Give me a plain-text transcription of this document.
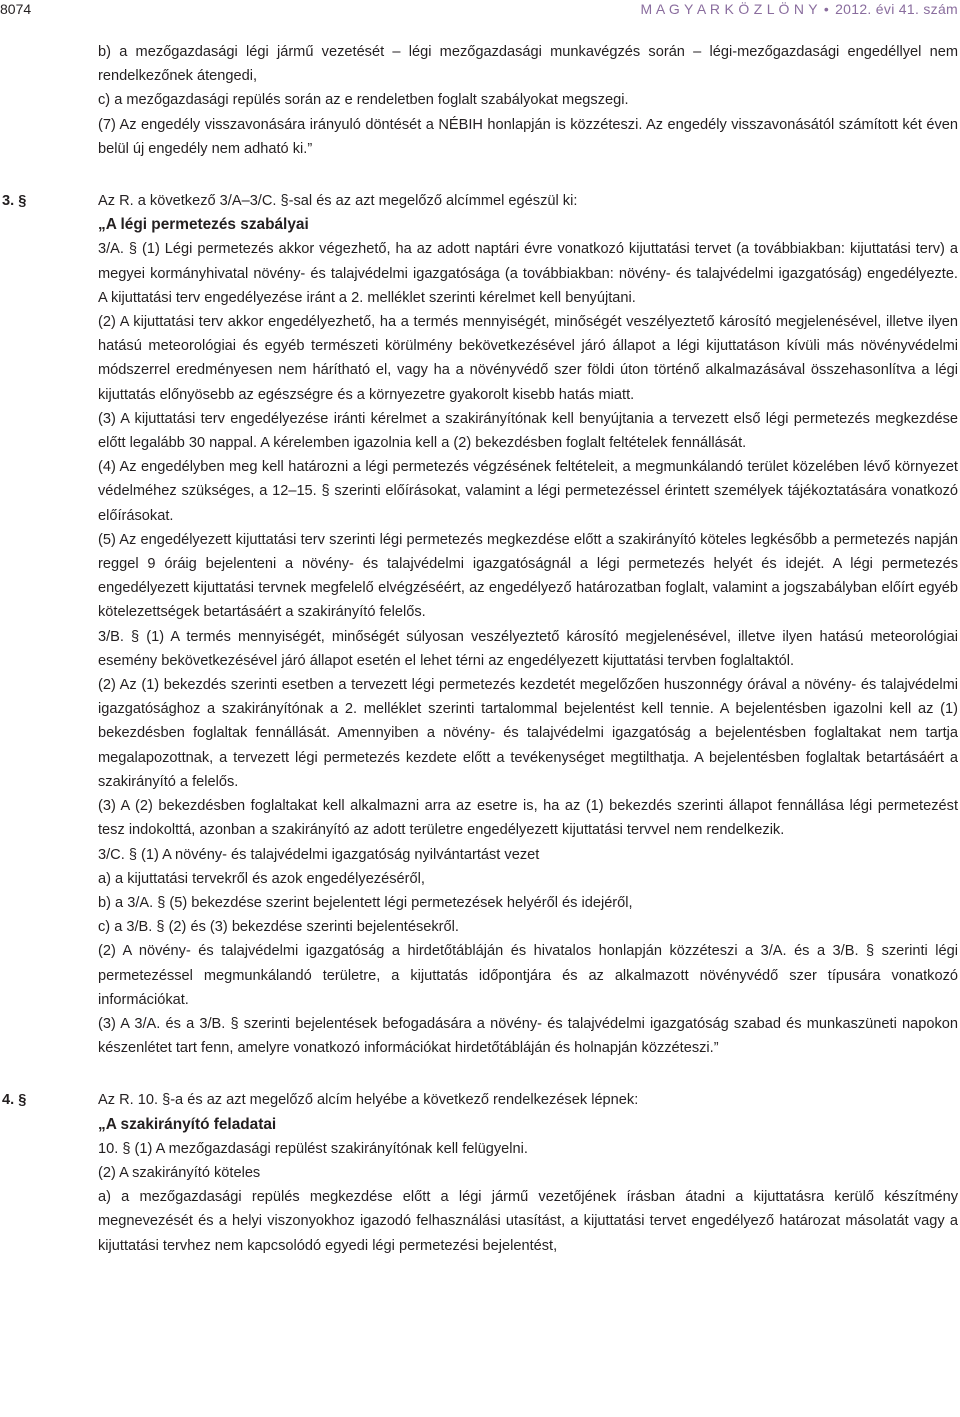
8074	M A G Y A R K Ö Z L Ö N Y • 2012. évi 41. szám

b) a mezőgazdasági légi jármű vezetését – légi mezőgazdasági munkavégzés során – légi-mezőgazdasági engedéllyel nem rendelkezőnek átengedi,

c) a mezőgazdasági repülés során az e rendeletben foglalt szabályokat megszegi.

(7) Az engedély visszavonására irányuló döntését a NÉBIH honlapján is közzéteszi. Az engedély visszavonásától számított két éven belül új engedély nem adható ki.”

3. §	Az R. a következő 3/A–3/C. §-sal és az azt megelőző alcímmel egészül ki:
„A légi permetezés szabályai

3/A. § (1) Légi permetezés akkor végezhető, ha az adott naptári évre vonatkozó kijuttatási tervet (a továbbiakban: kijuttatási terv) a megyei kormányhivatal növény- és talajvédelmi igazgatósága (a továbbiakban: növény- és talajvédelmi igazgatóság) engedélyezte. A kijuttatási terv engedélyezése iránt a 2. melléklet szerinti kérelmet kell benyújtani.

(2) A kijuttatási terv akkor engedélyezhető, ha a termés mennyiségét, minőségét veszélyeztető károsító megjelenésével, illetve ilyen hatású meteorológiai és egyéb természeti körülmény bekövetkezésével járó állapot a légi kijuttatáson kívüli más növényvédelmi módszerrel eredményesen nem hárítható el, vagy ha a növényvédő szer földi úton történő alkalmazásával összehasonlítva a légi kijuttatás előnyösebb az egészségre és a környezetre gyakorolt kisebb hatás miatt.

(3) A kijuttatási terv engedélyezése iránti kérelmet a szakirányítónak kell benyújtania a tervezett első légi permetezés megkezdése előtt legalább 30 nappal. A kérelemben igazolnia kell a (2) bekezdésben foglalt feltételek fennállását.

(4) Az engedélyben meg kell határozni a légi permetezés végzésének feltételeit, a megmunkálandó terület közelében lévő környezet védelméhez szükséges, a 12–15. § szerinti előírásokat, valamint a légi permetezéssel érintett személyek tájékoztatására vonatkozó előírásokat.

(5) Az engedélyezett kijuttatási terv szerinti légi permetezés megkezdése előtt a szakirányító köteles legkésőbb a permetezés napján reggel 9 óráig bejelenteni a növény- és talajvédelmi igazgatóságnál a légi permetezés helyét és idejét. A légi permetezés engedélyezett kijuttatási tervnek megfelelő elvégzéséért, az engedélyező határozatban foglalt, valamint a jogszabályban előírt egyéb kötelezettségek betartásáért a szakirányító felelős.

3/B. § (1) A termés mennyiségét, minőségét súlyosan veszélyeztető károsító megjelenésével, illetve ilyen hatású meteorológiai esemény bekövetkezésével járó állapot esetén el lehet térni az engedélyezett kijuttatási tervben foglaltaktól.

(2) Az (1) bekezdés szerinti esetben a tervezett légi permetezés kezdetét megelőzően huszonnégy órával a növény- és talajvédelmi igazgatósághoz a szakirányítónak a 2. melléklet szerinti tartalommal bejelentést kell tennie. A bejelentésben igazolni kell az (1) bekezdésben foglaltak fennállását. Amennyiben a növény- és talajvédelmi igazgatóság a bejelentésben foglaltakat nem tartja megalapozottnak, a tervezett légi permetezés kezdete előtt a tevékenységet megtilthatja. A bejelentésben foglaltak betartásáért a szakirányító a felelős.

(3) A (2) bekezdésben foglaltakat kell alkalmazni arra az esetre is, ha az (1) bekezdés szerinti állapot fennállása légi permetezést tesz indokolttá, azonban a szakirányító az adott területre engedélyezett kijuttatási tervvel nem rendelkezik.

3/C. § (1) A növény- és talajvédelmi igazgatóság nyilvántartást vezet

a) a kijuttatási tervekről és azok engedélyezéséről,

b) a 3/A. § (5) bekezdése szerint bejelentett légi permetezések helyéről és idejéről,

c) a 3/B. § (2) és (3) bekezdése szerinti bejelentésekről.

(2) A növény- és talajvédelmi igazgatóság a hirdetőtábláján és hivatalos honlapján közzéteszi a 3/A. és a 3/B. § szerinti légi permetezéssel megmunkálandó területre, a kijuttatás időpontjára és az alkalmazott növényvédő szer típusára vonatkozó információkat.

(3) A 3/A. és a 3/B. § szerinti bejelentések befogadására a növény- és talajvédelmi igazgatóság szabad és munkaszüneti napokon készenlétet tart fenn, amelyre vonatkozó információkat hirdetőtábláján és holnapján közzéteszi.”

4. §	Az R. 10. §-a és az azt megelőző alcím helyébe a következő rendelkezések lépnek:
„A szakirányító feladatai

10. § (1) A mezőgazdasági repülést szakirányítónak kell felügyelni.

(2) A szakirányító köteles

a) a mezőgazdasági repülés megkezdése előtt a légi jármű vezetőjének írásban átadni a kijuttatásra kerülő készítmény megnevezését és a helyi viszonyokhoz igazodó felhasználási utasítást, a kijuttatási tervet engedélyező határozat másolatát vagy a kijuttatási tervhez nem kapcsolódó egyedi légi permetezési bejelentést,
